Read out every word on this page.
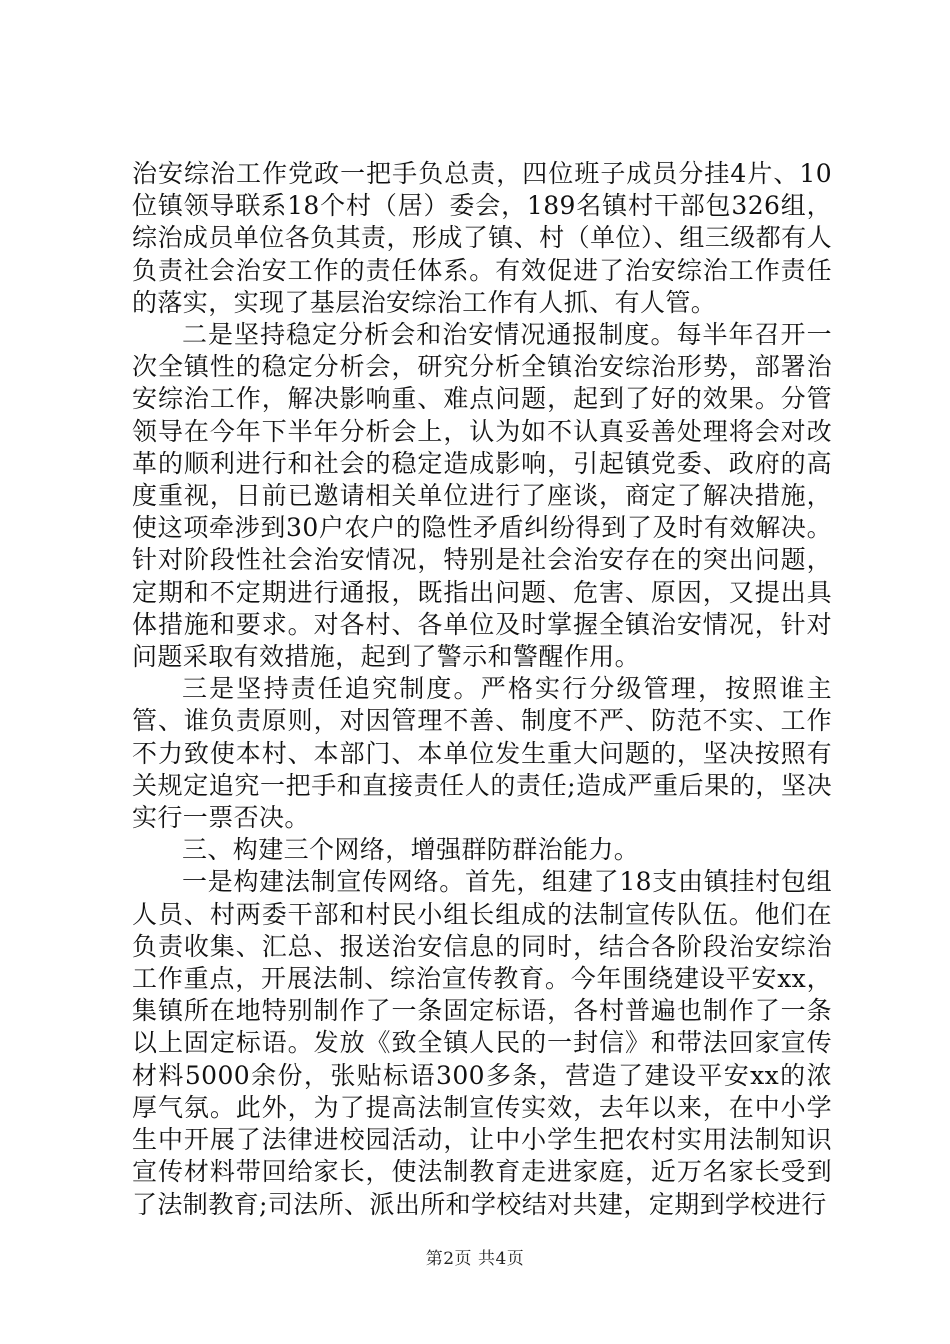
治安综治工作党政一把手负总责，四位班子成员分挂4片、10位镇领导联系18个村（居）委会，189名镇村干部包326组，综治成员单位各负其责，形成了镇、村（单位）、组三级都有人负责社会治安工作的责任体系。有效促进了治安综治工作责任的落实，实现了基层治安综治工作有人抓、有人管。

二是坚持稳定分析会和治安情况通报制度。每半年召开一次全镇性的稳定分析会，研究分析全镇治安综治形势，部署治安综治工作，解决影响重、难点问题，起到了好的效果。分管领导在今年下半年分析会上，认为如不认真妥善处理将会对改革的顺利进行和社会的稳定造成影响，引起镇党委、政府的高度重视，日前已邀请相关单位进行了座谈，商定了解决措施，使这项牵涉到30户农户的隐性矛盾纠纷得到了及时有效解决。针对阶段性社会治安情况，特别是社会治安存在的突出问题，定期和不定期进行通报，既指出问题、危害、原因，又提出具体措施和要求。对各村、各单位及时掌握全镇治安情况，针对问题采取有效措施，起到了警示和警醒作用。

三是坚持责任追究制度。严格实行分级管理，按照谁主管、谁负责原则，对因管理不善、制度不严、防范不实、工作不力致使本村、本部门、本单位发生重大问题的，坚决按照有关规定追究一把手和直接责任人的责任;造成严重后果的，坚决实行一票否决。

三、构建三个网络，增强群防群治能力。

一是构建法制宣传网络。首先，组建了18支由镇挂村包组人员、村两委干部和村民小组长组成的法制宣传队伍。他们在负责收集、汇总、报送治安信息的同时，结合各阶段治安综治工作重点，开展法制、综治宣传教育。今年围绕建设平安xx，集镇所在地特别制作了一条固定标语，各村普遍也制作了一条以上固定标语。发放《致全镇人民的一封信》和带法回家宣传材料5000余份，张贴标语300多条，营造了建设平安xx的浓厚气氛。此外，为了提高法制宣传实效，去年以来，在中小学生中开展了法律进校园活动，让中小学生把农村实用法制知识宣传材料带回给家长，使法制教育走进家庭，近万名家长受到了法制教育;司法所、派出所和学校结对共建，定期到学校进行

第2页 共4页
